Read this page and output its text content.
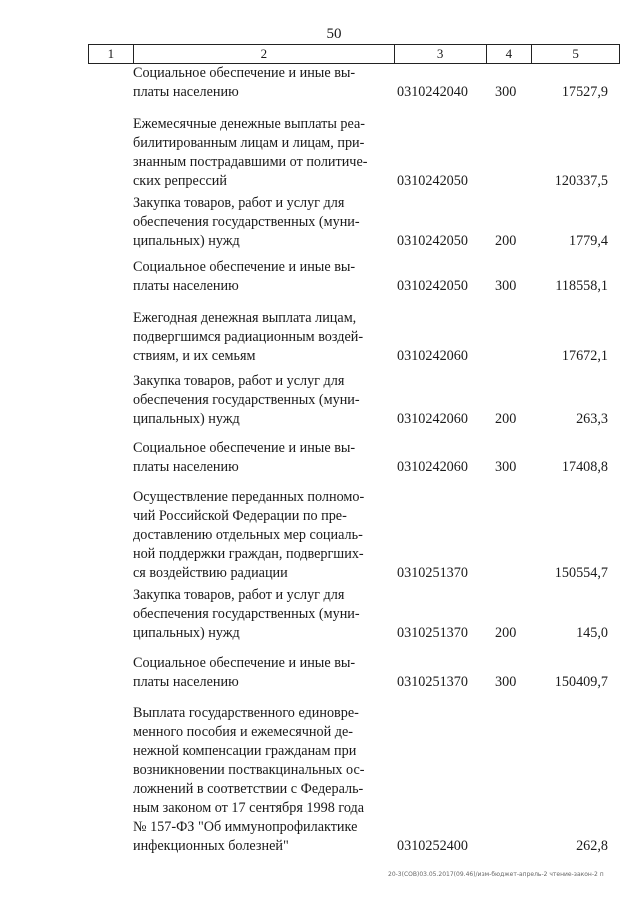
50
1	2	3	4	5
Социальное обеспечение и иные вы-
платы населению	0310242040 300	17527,9
Ежемесячные денежные выплаты реа-
билитированным лицам и лицам, при-
знанным пострадавшими от политиче-
ских репрессий	0310242050	120337,5
Закупка товаров, работ и услуг для
обеспечения государственных (муни-
ципальных) нужд	0310242050 200	1779,4
Социальное обеспечение и иные вы-
платы населению	0310242050 300	118558,1
Ежегодная денежная выплата лицам,
подвергшимся радиационным воздей-
ствиям, и их семьям	0310242060	17672,1
Закупка товаров, работ и услуг для
обеспечения государственных (муни-
ципальных) нужд	0310242060 200	263,3
Социальное обеспечение и иные вы-
платы населению	0310242060 300	17408,8
Осуществление переданных полномо-
чий Российской Федерации по пре-
доставлению отдельных мер социаль-
ной поддержки граждан, подвергших-
ся воздействию радиации	0310251370	150554,7
Закупка товаров, работ и услуг для
обеспечения государственных (муни-
ципальных) нужд	0310251370 200	145,0
Социальное обеспечение и иные вы-
платы населению	0310251370 300	150409,7
Выплата государственного единовре-
менного пособия и ежемесячной де-
нежной компенсации гражданам при
возникновении поствакцинальных ос-
ложнений в соответствии с Федераль-
ным законом от 17 сентября 1998 года
№ 157-ФЗ "Об иммунопрофилактике
инфекционных болезней"	0310252400	262,8
20-3(СОВ)03.05.2017(09.46)/изм-бюджет-апрель-2 чтение-закон-2 п
